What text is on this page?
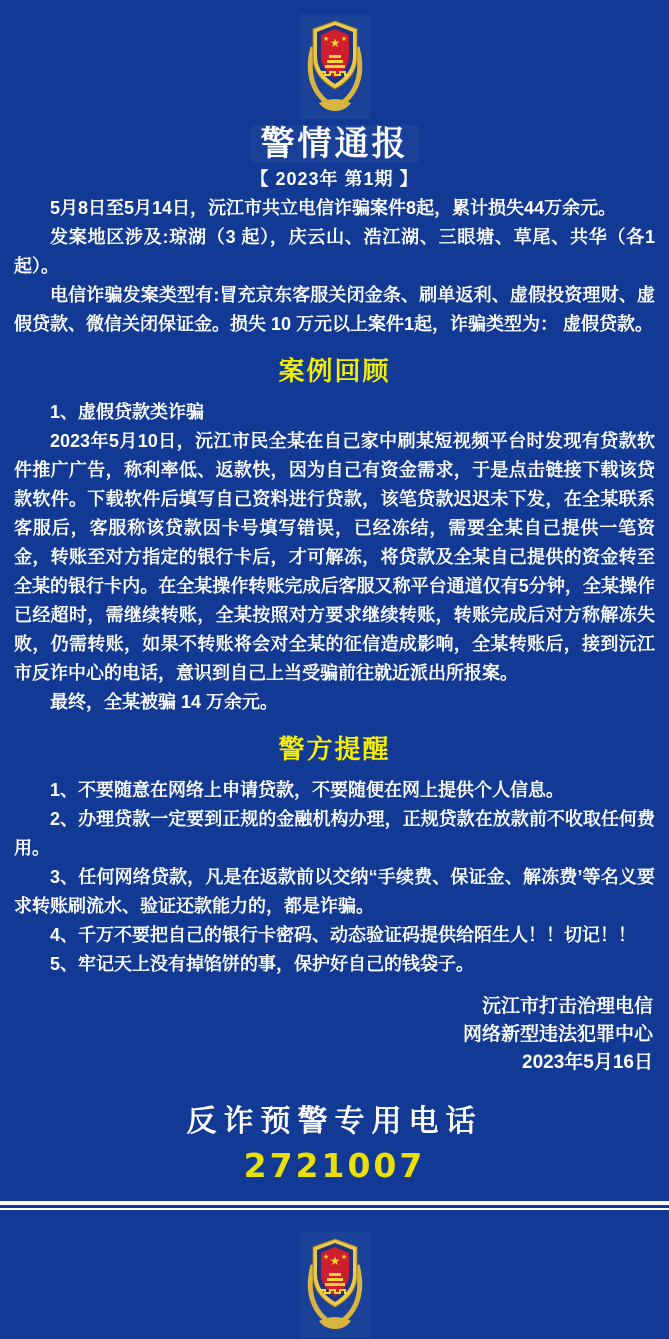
★
★ ★
警情通报
【 2023年 第1期 】

5月8日至5月14日，沅江市共立电信诈骗案件8起，累计损失44万余元。

发案地区涉及:琼湖（3 起），庆云山、浩江湖、三眼塘、草尾、共华（各1起）。

电信诈骗发案类型有:冒充京东客服关闭金条、刷单返利、虚假投资理财、虚假贷款、微信关闭保证金。损失 10 万元以上案件1起，诈骗类型为： 虚假贷款。

案例回顾

1、虚假贷款类诈骗

2023年5月10日，沅江市民全某在自己家中刷某短视频平台时发现有贷款软件推广广告，称利率低、返款快，因为自己有资金需求，于是点击链接下载该贷款软件。下载软件后填写自己资料进行贷款，该笔贷款迟迟未下发，在全某联系客服后，客服称该贷款因卡号填写错误，已经冻结，需要全某自己提供一笔资金，转账至对方指定的银行卡后，才可解冻，将贷款及全某自己提供的资金转至全某的银行卡内。在全某操作转账完成后客服又称平台通道仅有5分钟，全某操作已经超时，需继续转账，全某按照对方要求继续转账，转账完成后对方称解冻失败，仍需转账，如果不转账将会对全某的征信造成影响，全某转账后，接到沅江市反诈中心的电话，意识到自己上当受骗前往就近派出所报案。

最终，全某被骗 14 万余元。

警方提醒

1、不要随意在网络上申请贷款，不要随便在网上提供个人信息。

2、办理贷款一定要到正规的金融机构办理，正规贷款在放款前不收取任何费用。

3、任何网络贷款，凡是在返款前以交纳“手续费、保证金、解冻费’等名义要求转账刷流水、验证还款能力的，都是诈骗。

4、千万不要把自己的银行卡密码、动态验证码提供给陌生人！！切记！！

5、牢记天上没有掉馅饼的事，保护好自己的钱袋子。

沅江市打击治理电信
网络新型违法犯罪中心
2023年5月16日
反诈预警专用电话
2721007
★
★ ★
